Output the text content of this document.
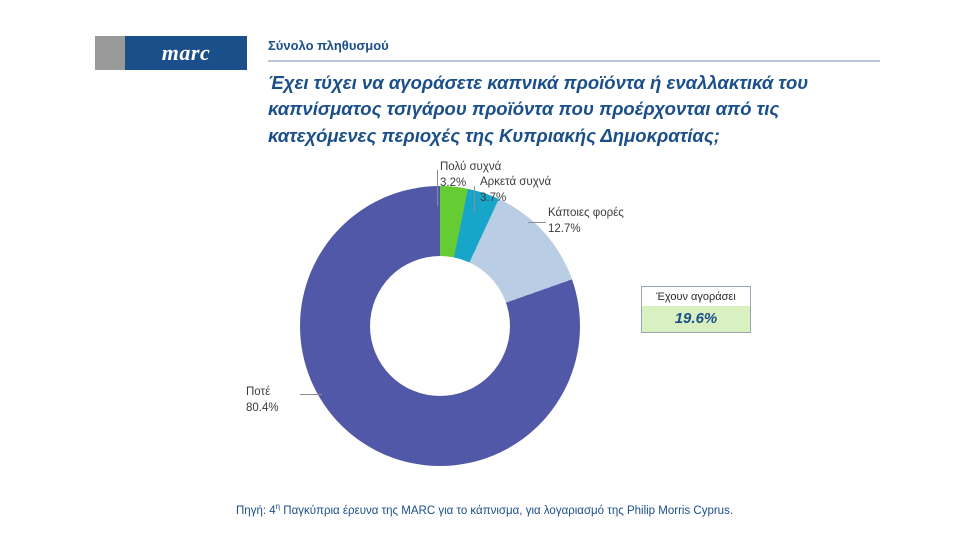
marc	Σύνολο πληθυσμού
Έχει τύχει να αγοράσετε καπνικά προϊόντα ή εναλλακτικά του καπνίσματος τσιγάρου προϊόντα που προέρχονται από τις κατεχόμενες περιοχές της Κυπριακής Δημοκρατίας;
Πολύ συχνά
3.2%	Αρκετά συχνά
3.7%
Κάποιες φορές
12.7%
Ποτέ
80.4%
Έχουν αγοράσει
19.6%
Πηγή: $4^\eta$ Παγκύπρια έρευνα της MARC για το κάπνισμα, για λογαριασμό της Philip Morris Cyprus.
